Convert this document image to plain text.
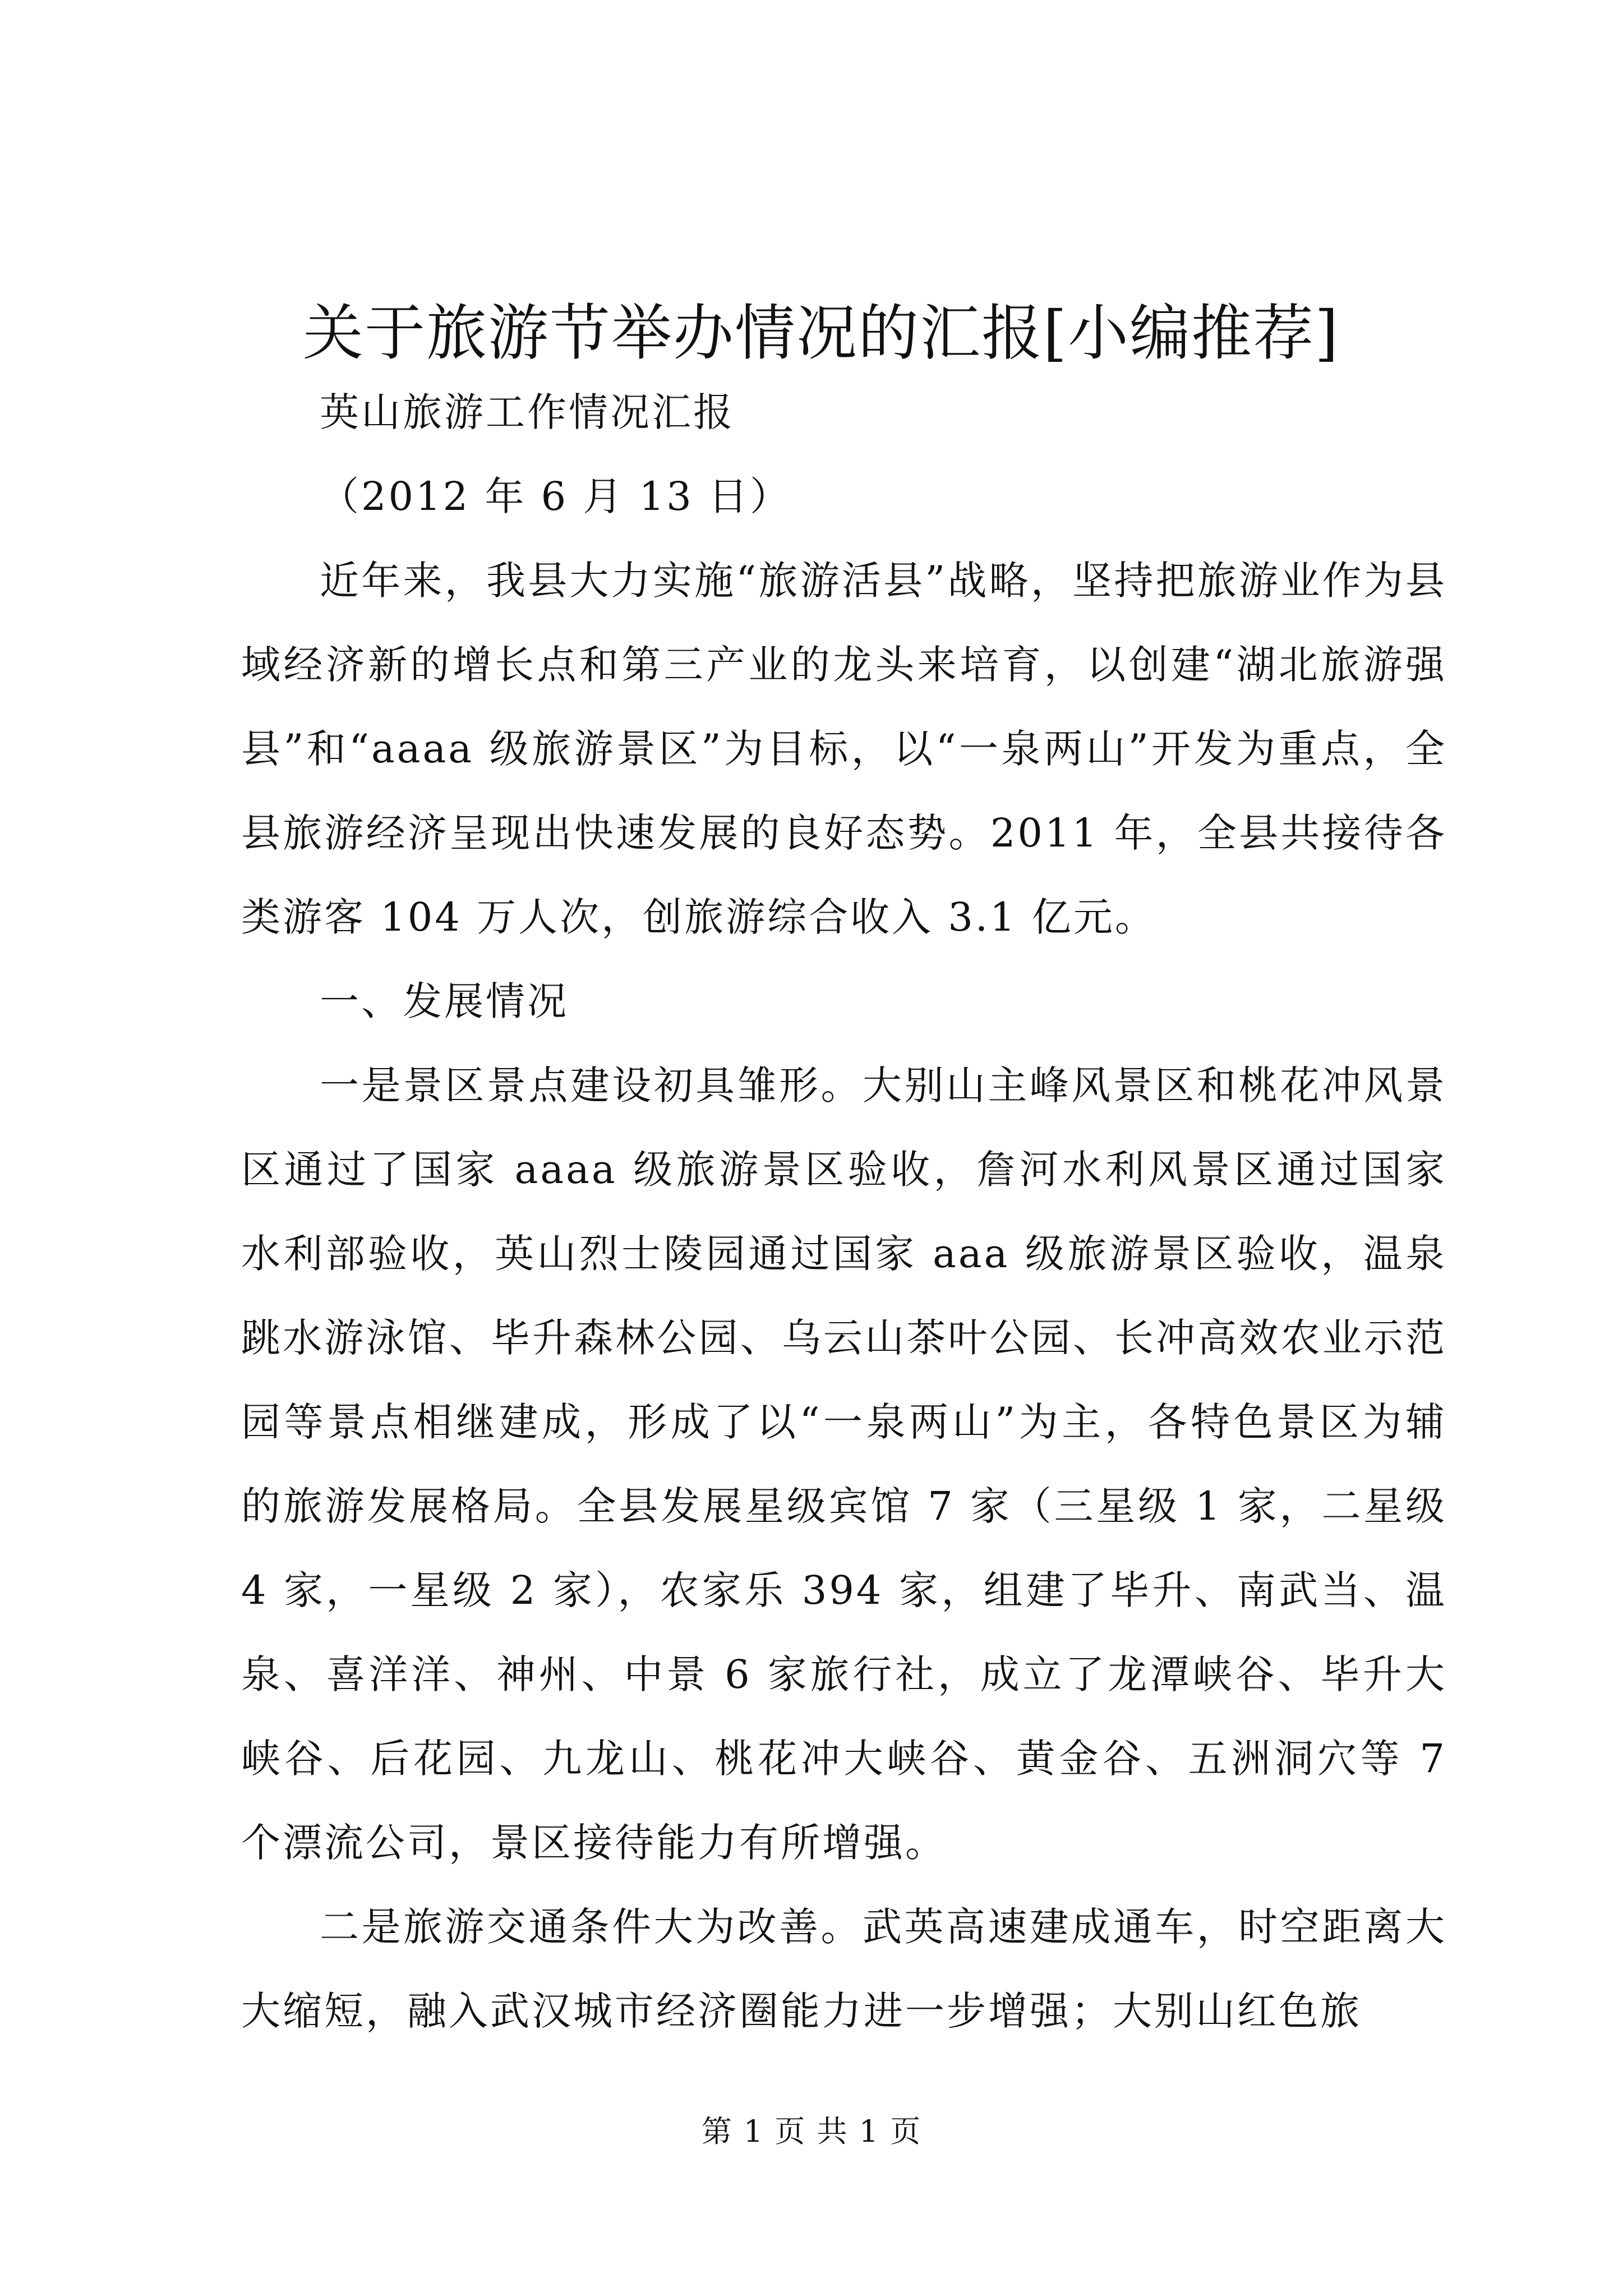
关于旅游节举办情况的汇报[小编推荐]

英山旅游工作情况汇报

（2012 年 6 月 13 日）

近年来，我县大力实施“旅游活县”战略，坚持把旅游业作为县域经济新的增长点和第三产业的龙头来培育，以创建“湖北旅游强县”和“aaaa 级旅游景区”为目标，以“一泉两山”开发为重点，全县旅游经济呈现出快速发展的良好态势。2011 年，全县共接待各类游客 104 万人次，创旅游综合收入 3.1 亿元。

一、发展情况

一是景区景点建设初具雏形。大别山主峰风景区和桃花冲风景区通过了国家 aaaa 级旅游景区验收，詹河水利风景区通过国家水利部验收，英山烈士陵园通过国家 aaa 级旅游景区验收，温泉跳水游泳馆、毕升森林公园、乌云山茶叶公园、长冲高效农业示范园等景点相继建成，形成了以“一泉两山”为主，各特色景区为辅的旅游发展格局。全县发展星级宾馆 7 家（三星级 1 家，二星级 4 家，一星级 2 家），农家乐 394 家，组建了毕升、南武当、温泉、喜洋洋、神州、中景 6 家旅行社，成立了龙潭峡谷、毕升大峡谷、后花园、九龙山、桃花冲大峡谷、黄金谷、五洲洞穴等 7 个漂流公司，景区接待能力有所增强。

二是旅游交通条件大为改善。武英高速建成通车，时空距离大大缩短，融入武汉城市经济圈能力进一步增强；大别山红色旅

第 1 页 共 1 页
